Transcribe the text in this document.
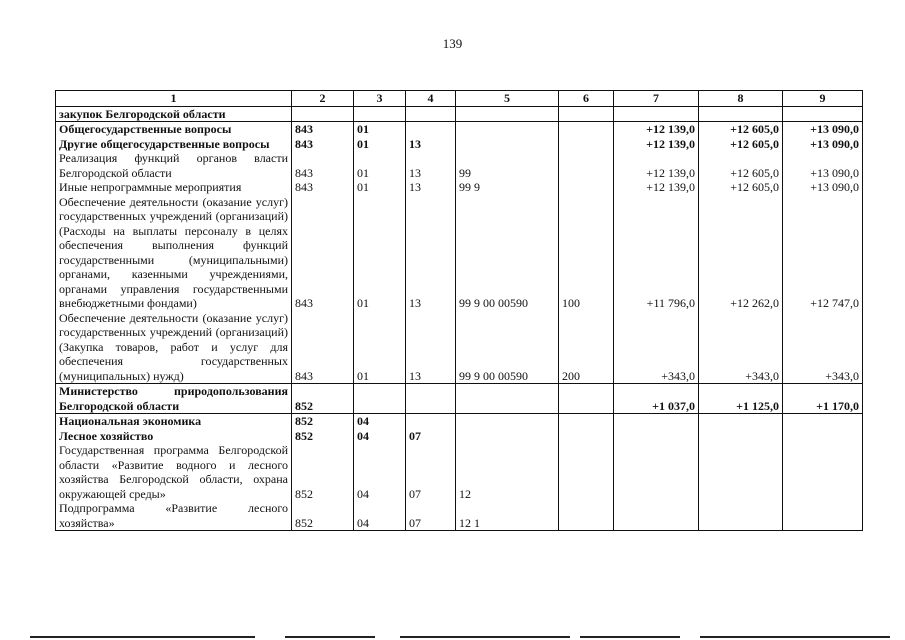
139
1	2	3	4	5	6	7	8	9
закупок Белгородской области								
Общегосударственные вопросы	843	01				+12 139,0	+12 605,0	+13 090,0
Другие общегосударственные вопросы	843	01	13			+12 139,0	+12 605,0	+13 090,0
Реализация функций органов власти Белгородской области	843	01	13	99		+12 139,0	+12 605,0	+13 090,0
Иные непрограммные мероприятия	843	01	13	99 9		+12 139,0	+12 605,0	+13 090,0
Обеспечение деятельности (оказание услуг) государственных учреждений (организаций) (Расходы на выплаты персоналу в целях обеспечения выполнения функций государственными (муниципальными) органами, казенными учреждениями, органами управления государственными внебюджетными фондами)	843	01	13	99 9 00 00590	100	+11 796,0	+12 262,0	+12 747,0
Обеспечение деятельности (оказание услуг) государственных учреждений (организаций) (Закупка товаров, работ и услуг для обеспечения государственных (муниципальных) нужд)	843	01	13	99 9 00 00590	200	+343,0	+343,0	+343,0
Министерство природопользования Белгородской области	852					+1 037,0	+1 125,0	+1 170,0
Национальная экономика	852	04						
Лесное хозяйство	852	04	07					
Государственная программа Белгородской области «Развитие водного и лесного хозяйства Белгородской области, охрана окружающей среды»	852	04	07	12				
Подпрограмма «Развитие лесного хозяйства»	852	04	07	12 1				
